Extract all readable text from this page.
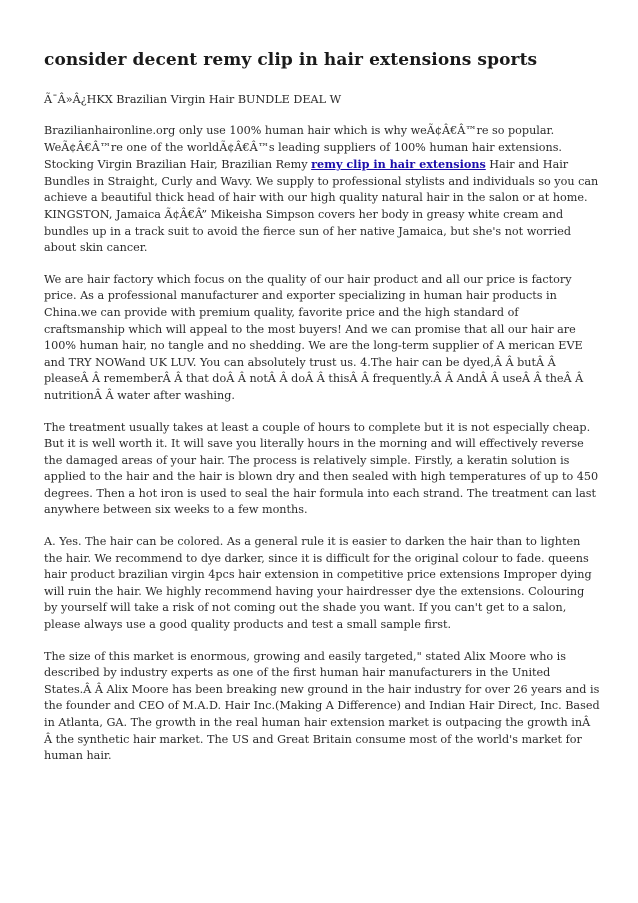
consider decent remy clip in hair extensions sports
Ã¯Â»Â¿HKX Brazilian Virgin Hair BUNDLE DEAL W

Brazilianhaironline.org only use 100% human hair which is why weÃ¢Â€Â™re so popular. WeÃ¢Â€Â™re one of the worldÃ¢Â€Â™s leading suppliers of 100% human hair extensions. Stocking Virgin Brazilian Hair, Brazilian Remy remy clip in hair extensions Hair and Hair Bundles in Straight, Curly and Wavy. We supply to professional stylists and individuals so you can achieve a beautiful thick head of hair with our high quality natural hair in the salon or at home. KINGSTON, Jamaica Ã¢Â€Â” Mikeisha Simpson covers her body in greasy white cream and bundles up in a track suit to avoid the fierce sun of her native Jamaica, but she's not worried about skin cancer.

We are hair factory which focus on the quality of our hair product and all our price is factory price. As a professional manufacturer and exporter specializing in human hair products in China.we can provide with premium quality, favorite price and the high standard of craftsmanship which will appeal to the most buyers! And we can promise that all our hair are 100% human hair, no tangle and no shedding. We are the long-term supplier of A merican EVE and TRY NOWand UK LUV. You can absolutely trust us. 4.The hair can be dyed,Â Â butÂ Â pleaseÂ Â rememberÂ Â that doÂ Â notÂ Â doÂ Â thisÂ Â frequently.Â Â AndÂ Â useÂ Â theÂ Â nutritionÂ Â water after washing.

The treatment usually takes at least a couple of hours to complete but it is not especially cheap. But it is well worth it. It will save you literally hours in the morning and will effectively reverse the damaged areas of your hair. The process is relatively simple. Firstly, a keratin solution is applied to the hair and the hair is blown dry and then sealed with high temperatures of up to 450 degrees. Then a hot iron is used to seal the hair formula into each strand. The treatment can last anywhere between six weeks to a few months.

A. Yes. The hair can be colored. As a general rule it is easier to darken the hair than to lighten the hair. We recommend to dye darker, since it is difficult for the original colour to fade. queens hair product brazilian virgin 4pcs hair extension in competitive price extensions Improper dying will ruin the hair. We highly recommend having your hairdresser dye the extensions. Colouring by yourself will take a risk of not coming out the shade you want. If you can't get to a salon, please always use a good quality products and test a small sample first.

The size of this market is enormous, growing and easily targeted," stated Alix Moore who is described by industry experts as one of the first human hair manufacturers in the United States.Â Â Alix Moore has been breaking new ground in the hair industry for over 26 years and is the founder and CEO of M.A.D. Hair Inc.(Making A Difference) and Indian Hair Direct, Inc. Based in Atlanta, GA. The growth in the real human hair extension market is outpacing the growth inÂ Â the synthetic hair market. The US and Great Britain consume most of the world's market for human hair.
